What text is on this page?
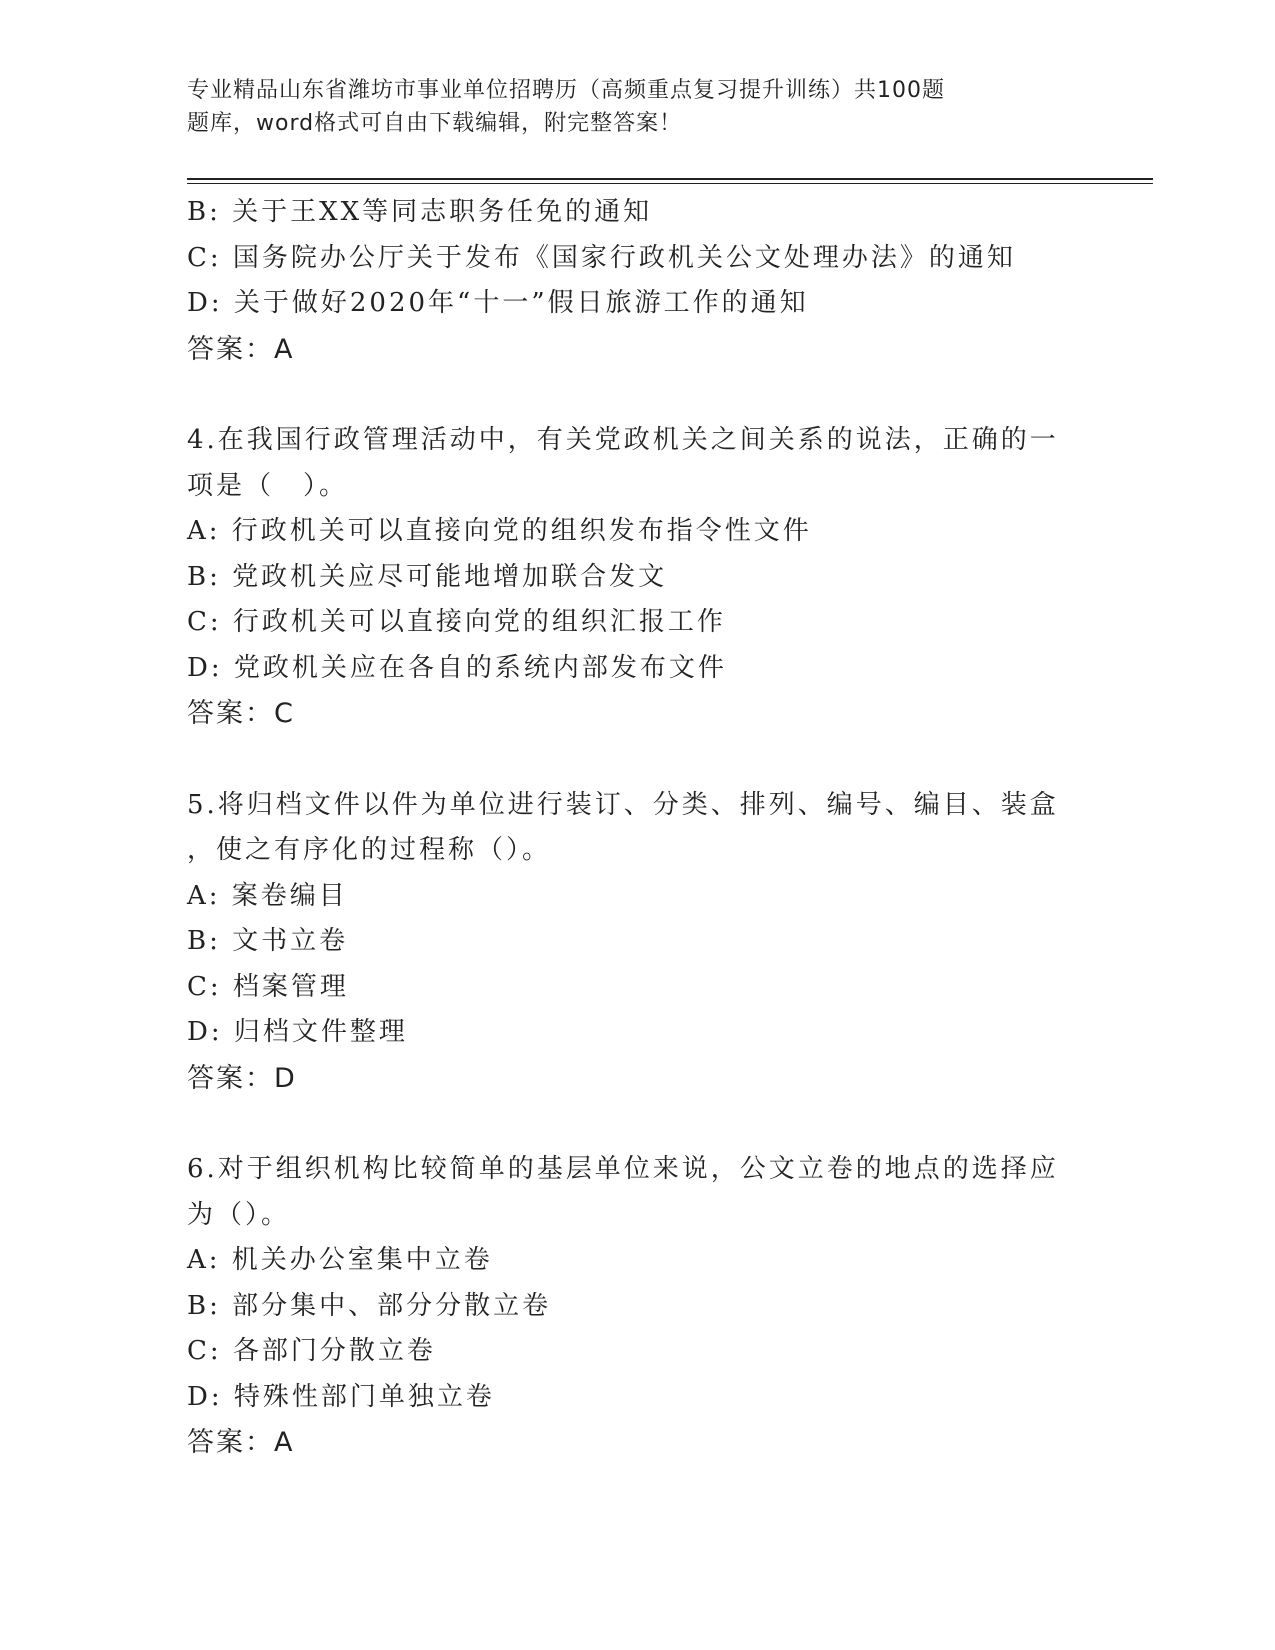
专业精品山东省潍坊市事业单位招聘历（高频重点复习提升训练）共100题
题库，word格式可自由下载编辑，附完整答案！
B: 关于王XX等同志职务任免的通知
C: 国务院办公厅关于发布《国家行政机关公文处理办法》的通知
D: 关于做好2020年“十一”假日旅游工作的通知
答案：A
4.在我国行政管理活动中，有关党政机关之间关系的说法，正确的一
项是（　）。
A: 行政机关可以直接向党的组织发布指令性文件
B: 党政机关应尽可能地增加联合发文
C: 行政机关可以直接向党的组织汇报工作
D: 党政机关应在各自的系统内部发布文件
答案：C
5.将归档文件以件为单位进行装订、分类、排列、编号、编目、装盒
，使之有序化的过程称（）。
A: 案卷编目
B: 文书立卷
C: 档案管理
D: 归档文件整理
答案：D
6.对于组织机构比较简单的基层单位来说，公文立卷的地点的选择应
为（）。
A: 机关办公室集中立卷
B: 部分集中、部分分散立卷
C: 各部门分散立卷
D: 特殊性部门单独立卷
答案：A
